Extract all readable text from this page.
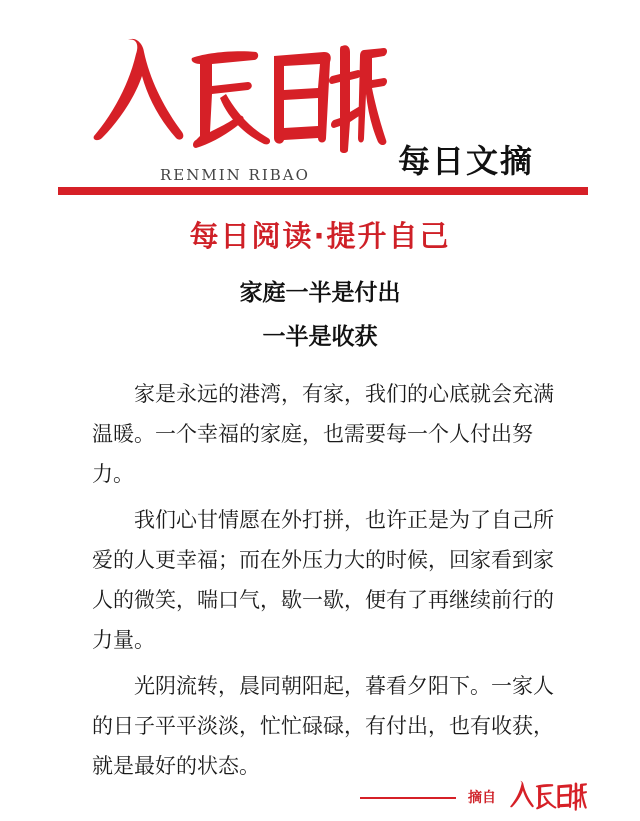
RENMIN RIBAO	每日文摘
每日阅读·提升自己
家庭一半是付出
一半是收获

家是永远的港湾，有家，我们的心底就会充满温暖。一个幸福的家庭，也需要每一个人付出努力。

我们心甘情愿在外打拼，也许正是为了自己所爱的人更幸福；而在外压力大的时候，回家看到家人的微笑，喘口气，歇一歇，便有了再继续前行的力量。

光阴流转，晨同朝阳起，暮看夕阳下。一家人的日子平平淡淡，忙忙碌碌，有付出，也有收获，就是最好的状态。

摘自
